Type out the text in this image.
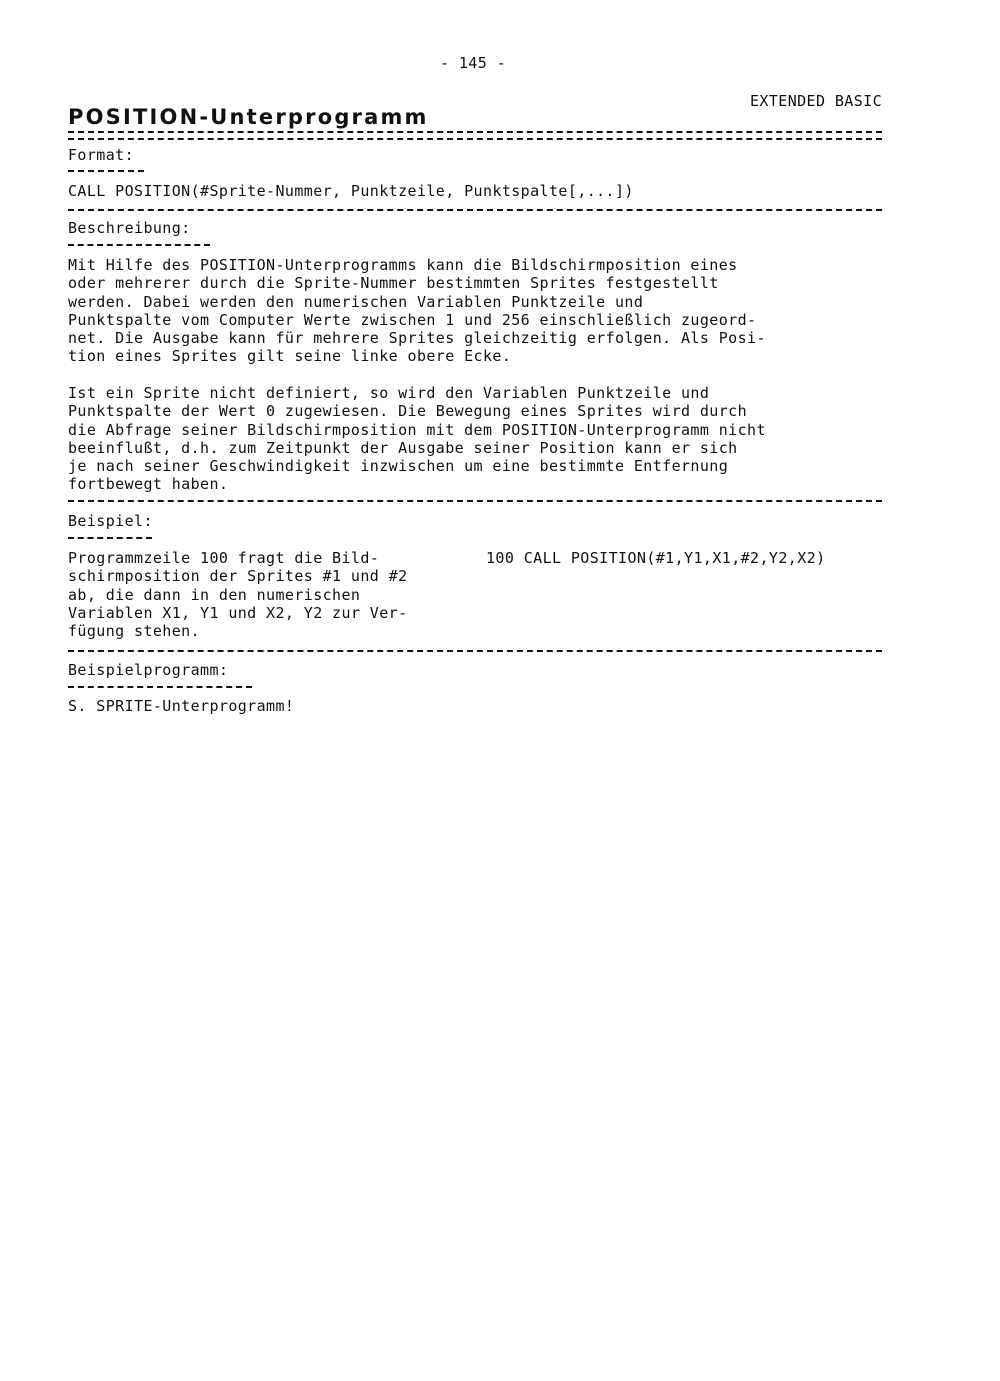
- 145 -
EXTENDED BASIC
POSITION-Unterprogramm
Format:
CALL POSITION(#Sprite-Nummer, Punktzeile, Punktspalte[,...])
Beschreibung:
Mit Hilfe des POSITION-Unterprogramms kann die Bildschirmposition eines
oder mehrerer durch die Sprite-Nummer bestimmten Sprites festgestellt
werden. Dabei werden den numerischen Variablen Punktzeile und
Punktspalte vom Computer Werte zwischen 1 und 256 einschließlich zugeord-
net. Die Ausgabe kann für mehrere Sprites gleichzeitig erfolgen. Als Posi-
tion eines Sprites gilt seine linke obere Ecke.
Ist ein Sprite nicht definiert, so wird den Variablen Punktzeile und
Punktspalte der Wert 0 zugewiesen. Die Bewegung eines Sprites wird durch
die Abfrage seiner Bildschirmposition mit dem POSITION-Unterprogramm nicht
beeinflußt, d.h. zum Zeitpunkt der Ausgabe seiner Position kann er sich
je nach seiner Geschwindigkeit inzwischen um eine bestimmte Entfernung
fortbewegt haben.
Beispiel:
Programmzeile 100 fragt die Bild-
schirmposition der Sprites #1 und #2
ab, die dann in den numerischen
Variablen X1, Y1 und X2, Y2 zur Ver-
fügung stehen.
100 CALL POSITION(#1,Y1,X1,#2,Y2,X2)
Beispielprogramm:
S. SPRITE-Unterprogramm!
